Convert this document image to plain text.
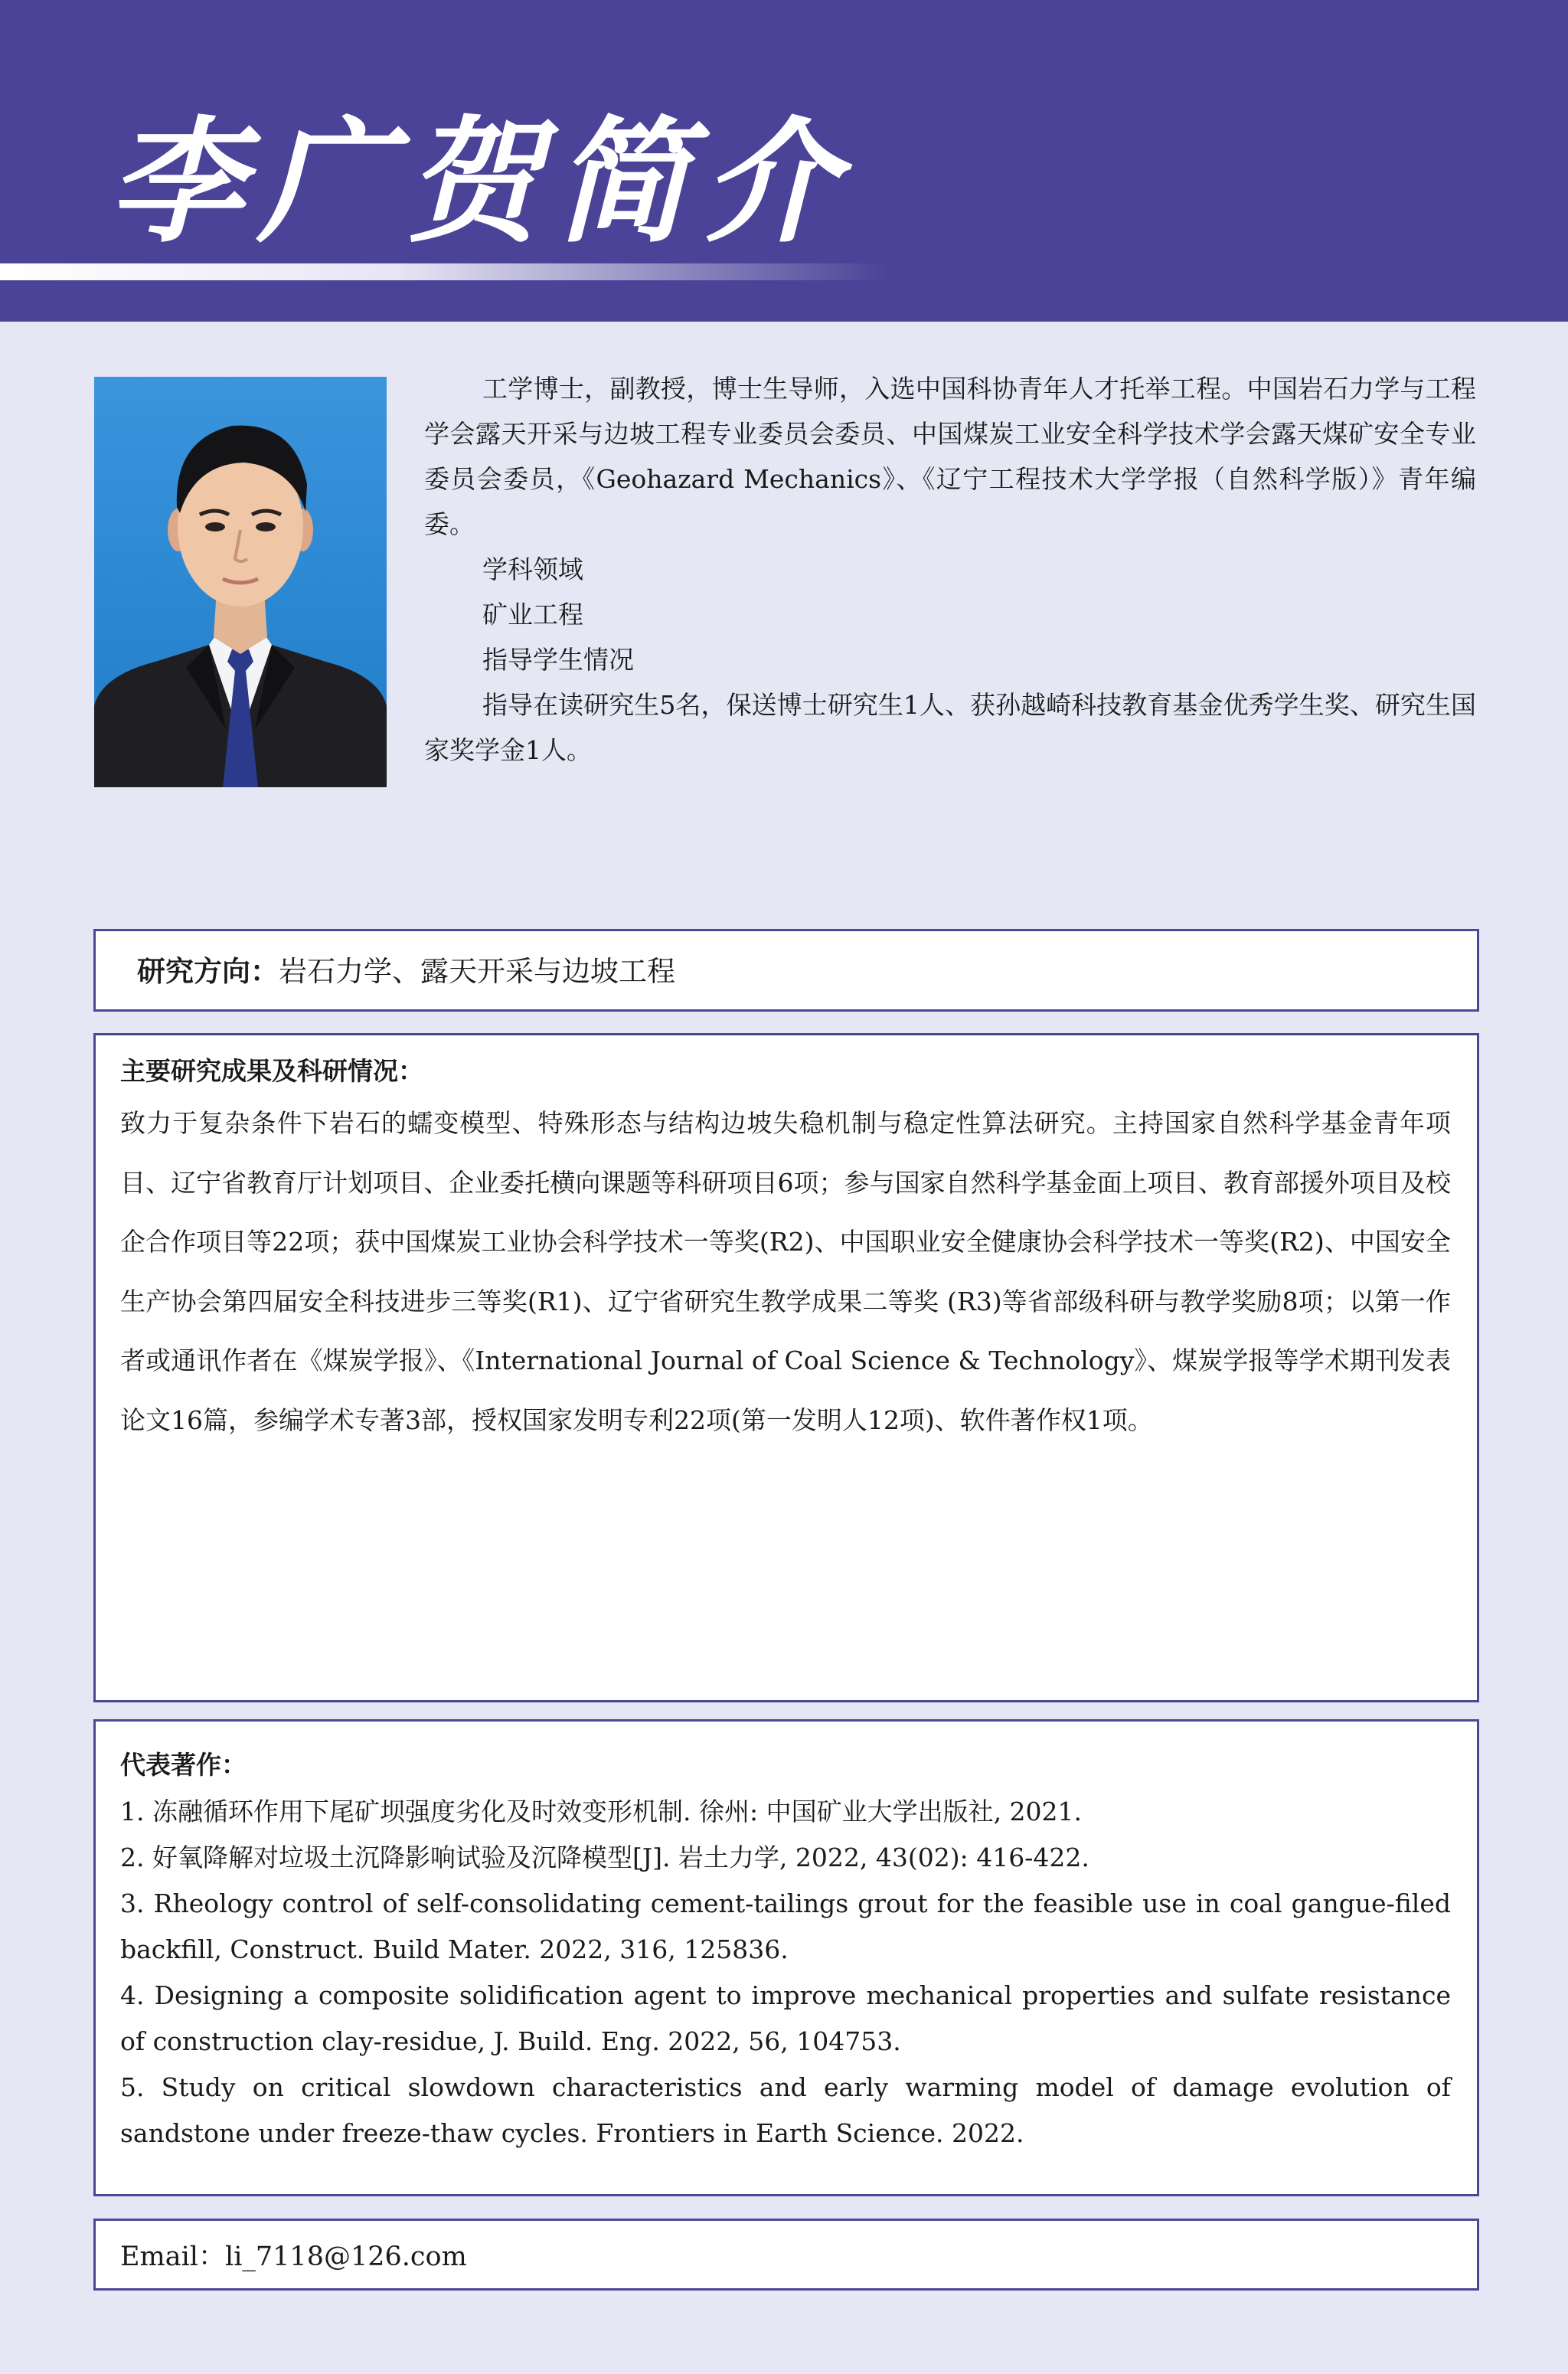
李广贺简介

工学博士，副教授，博士生导师，入选中国科协青年人才托举工程。中国岩石力学与工程学会露天开采与边坡工程专业委员会委员、中国煤炭工业安全科学技术学会露天煤矿安全专业委员会委员，《Geohazard Mechanics》、《辽宁工程技术大学学报（自然科学版）》青年编委。

学科领域

矿业工程

指导学生情况

指导在读研究生5名，保送博士研究生1人、获孙越崎科技教育基金优秀学生奖、研究生国家奖学金1人。

研究方向：岩石力学、露天开采与边坡工程
主要研究成果及科研情况：

致力于复杂条件下岩石的蠕变模型、特殊形态与结构边坡失稳机制与稳定性算法研究。主持国家自然科学基金青年项目、辽宁省教育厅计划项目、企业委托横向课题等科研项目6项；参与国家自然科学基金面上项目、教育部援外项目及校企合作项目等22项；获中国煤炭工业协会科学技术一等奖(R2)、中国职业安全健康协会科学技术一等奖(R2)、中国安全生产协会第四届安全科技进步三等奖(R1)、辽宁省研究生教学成果二等奖 (R3)等省部级科研与教学奖励8项；以第一作者或通讯作者在《煤炭学报》、《International Journal of Coal Science & Technology》、煤炭学报等学术期刊发表论文16篇，参编学术专著3部，授权国家发明专利22项(第一发明人12项)、软件著作权1项。

代表著作：
1. 冻融循环作用下尾矿坝强度劣化及时效变形机制. 徐州: 中国矿业大学出版社, 2021.
2. 好氧降解对垃圾土沉降影响试验及沉降模型[J]. 岩土力学, 2022, 43(02): 416-422.
3. Rheology control of self-consolidating cement-tailings grout for the feasible use in coal gangue-filed backfill, Construct. Build Mater. 2022, 316, 125836.
4. Designing a composite solidification agent to improve mechanical properties and sulfate resistance of construction clay-residue, J. Build. Eng. 2022, 56, 104753.
5. Study on critical slowdown characteristics and early warming model of damage evolution of sandstone under freeze-thaw cycles. Frontiers in Earth Science. 2022.
Email：li_7118@126.com
